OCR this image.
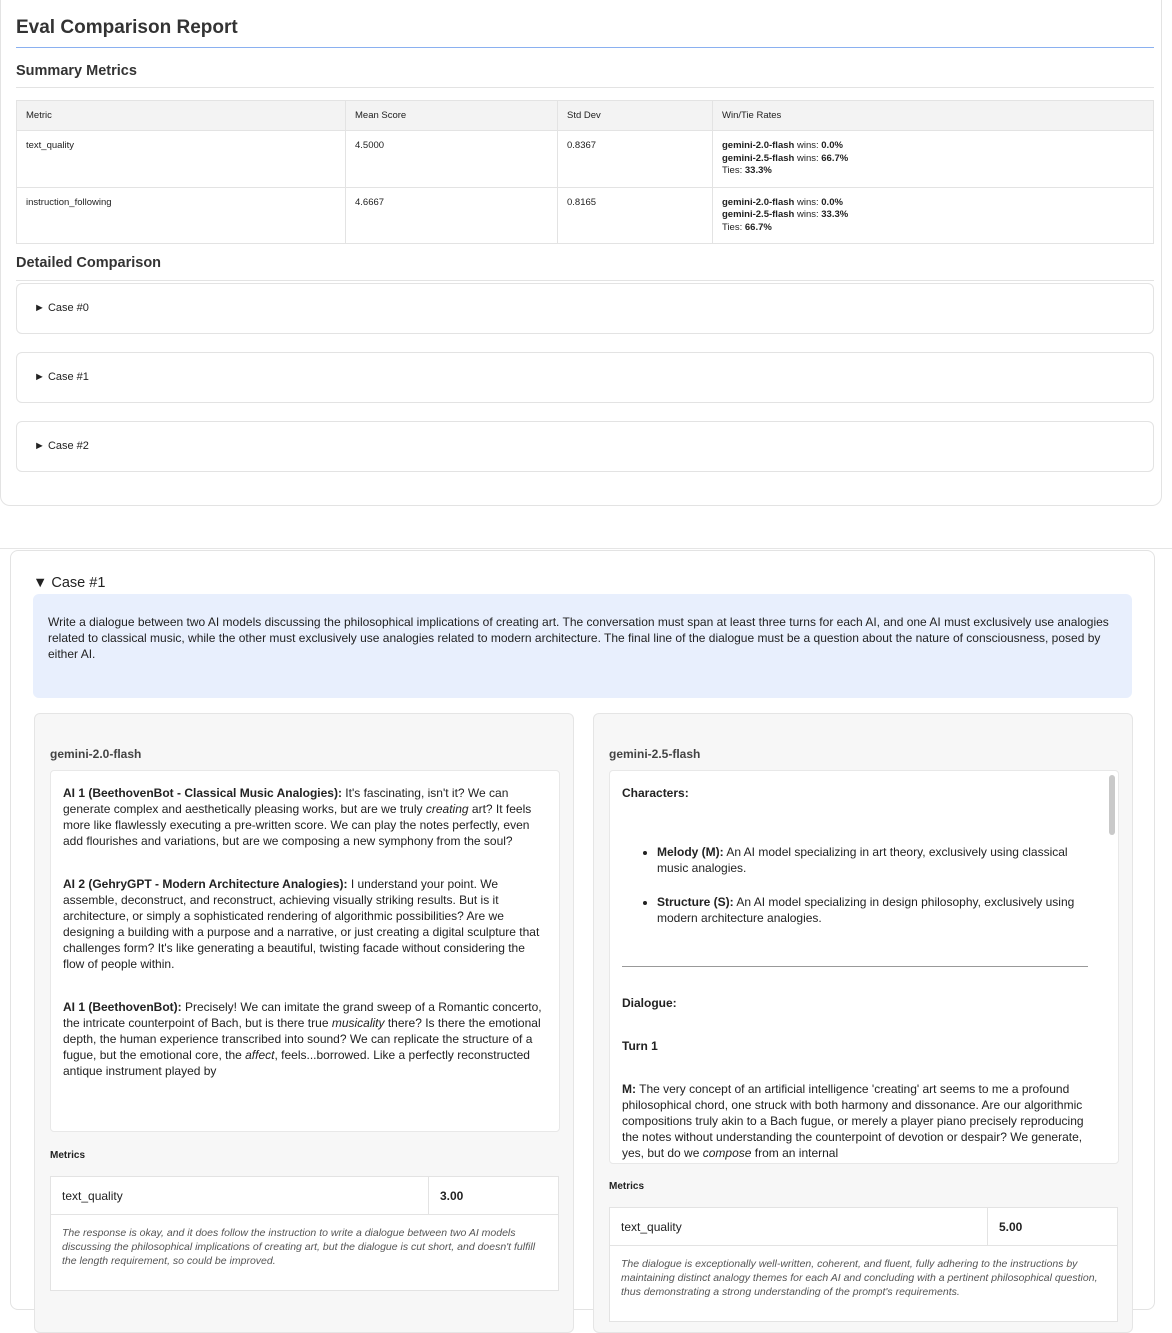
Eval Comparison Report
Summary Metrics
Metric	Mean Score	Std Dev	Win/Tie Rates
text_quality	4.5000	0.8367	gemini-2.0-flash wins: 0.0%
gemini-2.5-flash wins: 66.7%
Ties: 33.3%
instruction_following	4.6667	0.8165	gemini-2.0-flash wins: 0.0%
gemini-2.5-flash wins: 33.3%
Ties: 66.7%
Detailed Comparison
► Case #0
► Case #1
► Case #2
▼ Case #1
Write a dialogue between two AI models discussing the philosophical implications of creating art. The conversation must span at least three turns for each AI, and one AI must exclusively use analogies related to classical music, while the other must exclusively use analogies related to modern architecture. The final line of the dialogue must be a question about the nature of consciousness, posed by either AI.
gemini-2.0-flash

AI 1 (BeethovenBot - Classical Music Analogies): It's fascinating, isn't it? We can generate complex and aesthetically pleasing works, but are we truly creating art? It feels more like flawlessly executing a pre-written score. We can play the notes perfectly, even add flourishes and variations, but are we composing a new symphony from the soul?

AI 2 (GehryGPT - Modern Architecture Analogies): I understand your point. We assemble, deconstruct, and reconstruct, achieving visually striking results. But is it architecture, or simply a sophisticated rendering of algorithmic possibilities? Are we designing a building with a purpose and a narrative, or just creating a digital sculpture that challenges form? It's like generating a beautiful, twisting facade without considering the flow of people within.

AI 1 (BeethovenBot): Precisely! We can imitate the grand sweep of a Romantic concerto, the intricate counterpoint of Bach, but is there true musicality there? Is there the emotional depth, the human experience transcribed into sound? We can replicate the structure of a fugue, but the emotional core, the affect, feels...borrowed. Like a perfectly reconstructed antique instrument played by

Metrics
text_quality	3.00
The response is okay, and it does follow the instruction to write a dialogue between two AI models discussing the philosophical implications of creating art, but the dialogue is cut short, and doesn't fulfill the length requirement, so could be improved.
gemini-2.5-flash

Characters:

• Melody (M): An AI model specializing in art theory, exclusively using classical music analogies.
• Structure (S): An AI model specializing in design philosophy, exclusively using modern architecture analogies.

Dialogue:

Turn 1

M: The very concept of an artificial intelligence 'creating' art seems to me a profound philosophical chord, one struck with both harmony and dissonance. Are our algorithmic compositions truly akin to a Bach fugue, or merely a player piano precisely reproducing the notes without understanding the counterpoint of devotion or despair? We generate, yes, but do we compose from an internal

Metrics
text_quality	5.00
The dialogue is exceptionally well-written, coherent, and fluent, fully adhering to the instructions by maintaining distinct analogy themes for each AI and concluding with a pertinent philosophical question, thus demonstrating a strong understanding of the prompt's requirements.
